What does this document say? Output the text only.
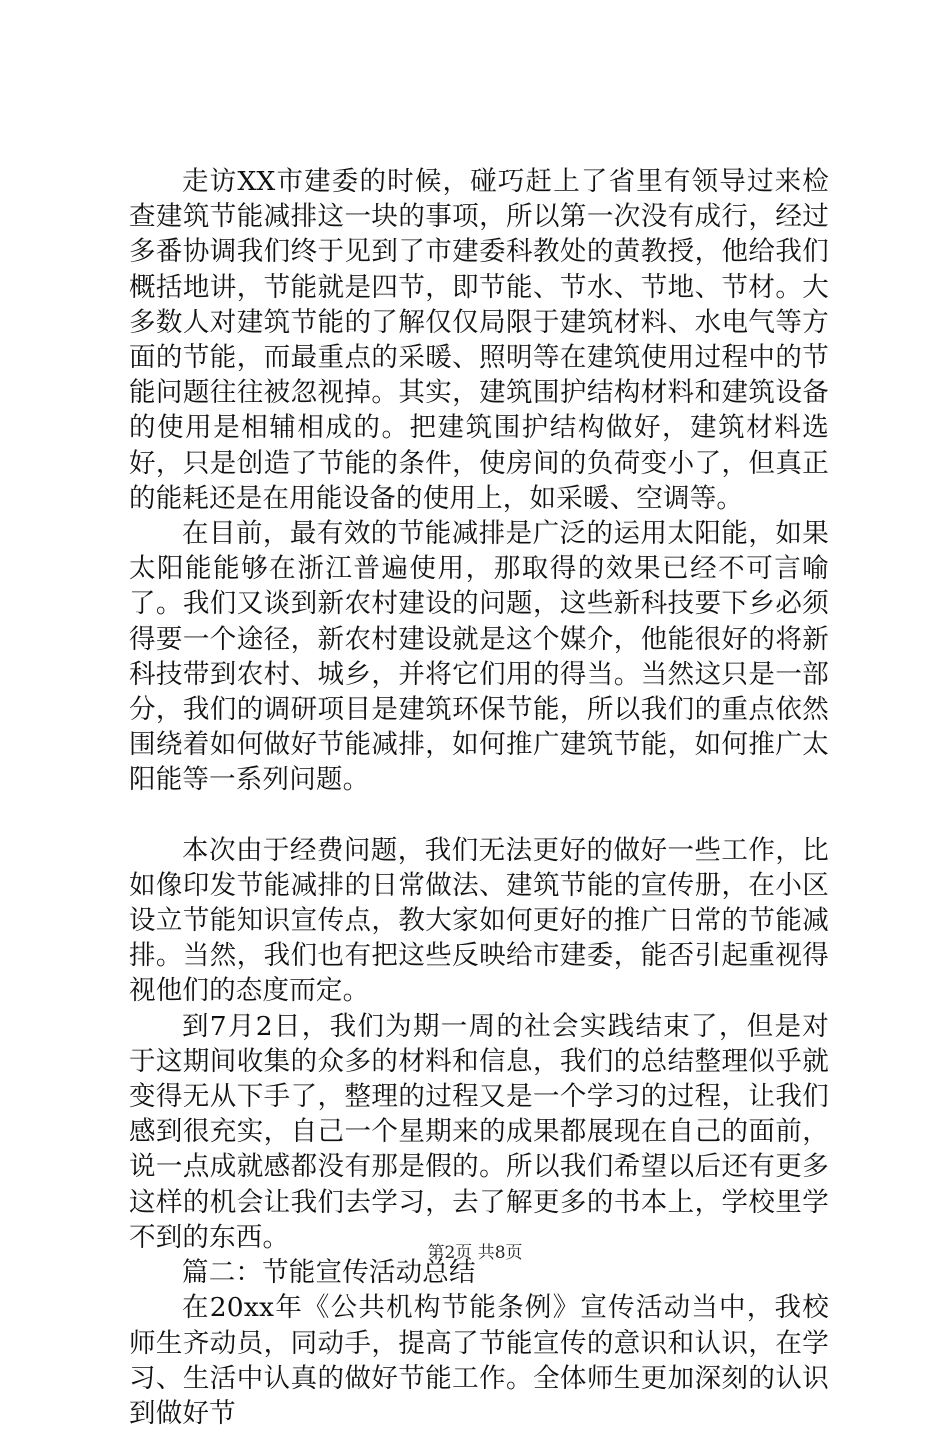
走访XX市建委的时候，碰巧赶上了省里有领导过来检查建筑节能减排这一块的事项，所以第一次没有成行，经过多番协调我们终于见到了市建委科教处的黄教授，他给我们概括地讲，节能就是四节，即节能、节水、节地、节材。大多数人对建筑节能的了解仅仅局限于建筑材料、水电气等方面的节能，而最重点的采暖、照明等在建筑使用过程中的节能问题往往被忽视掉。其实，建筑围护结构材料和建筑设备的使用是相辅相成的。把建筑围护结构做好，建筑材料选好，只是创造了节能的条件，使房间的负荷变小了，但真正的能耗还是在用能设备的使用上，如采暖、空调等。

在目前，最有效的节能减排是广泛的运用太阳能，如果太阳能能够在浙江普遍使用，那取得的效果已经不可言喻了。我们又谈到新农村建设的问题，这些新科技要下乡必须得要一个途径，新农村建设就是这个媒介，他能很好的将新科技带到农村、城乡，并将它们用的得当。当然这只是一部分，我们的调研项目是建筑环保节能，所以我们的重点依然围绕着如何做好节能减排，如何推广建筑节能，如何推广太阳能等一系列问题。

本次由于经费问题，我们无法更好的做好一些工作，比如像印发节能减排的日常做法、建筑节能的宣传册，在小区设立节能知识宣传点，教大家如何更好的推广日常的节能减排。当然，我们也有把这些反映给市建委，能否引起重视得视他们的态度而定。

到7月2日，我们为期一周的社会实践结束了，但是对于这期间收集的众多的材料和信息，我们的总结整理似乎就变得无从下手了，整理的过程又是一个学习的过程，让我们感到很充实，自己一个星期来的成果都展现在自己的面前，说一点成就感都没有那是假的。所以我们希望以后还有更多这样的机会让我们去学习，去了解更多的书本上，学校里学不到的东西。

篇二：节能宣传活动总结

在20xx年《公共机构节能条例》宣传活动当中，我校师生齐动员，同动手，提高了节能宣传的意识和认识，在学习、生活中认真的做好节能工作。全体师生更加深刻的认识到做好节

第2页 共8页
